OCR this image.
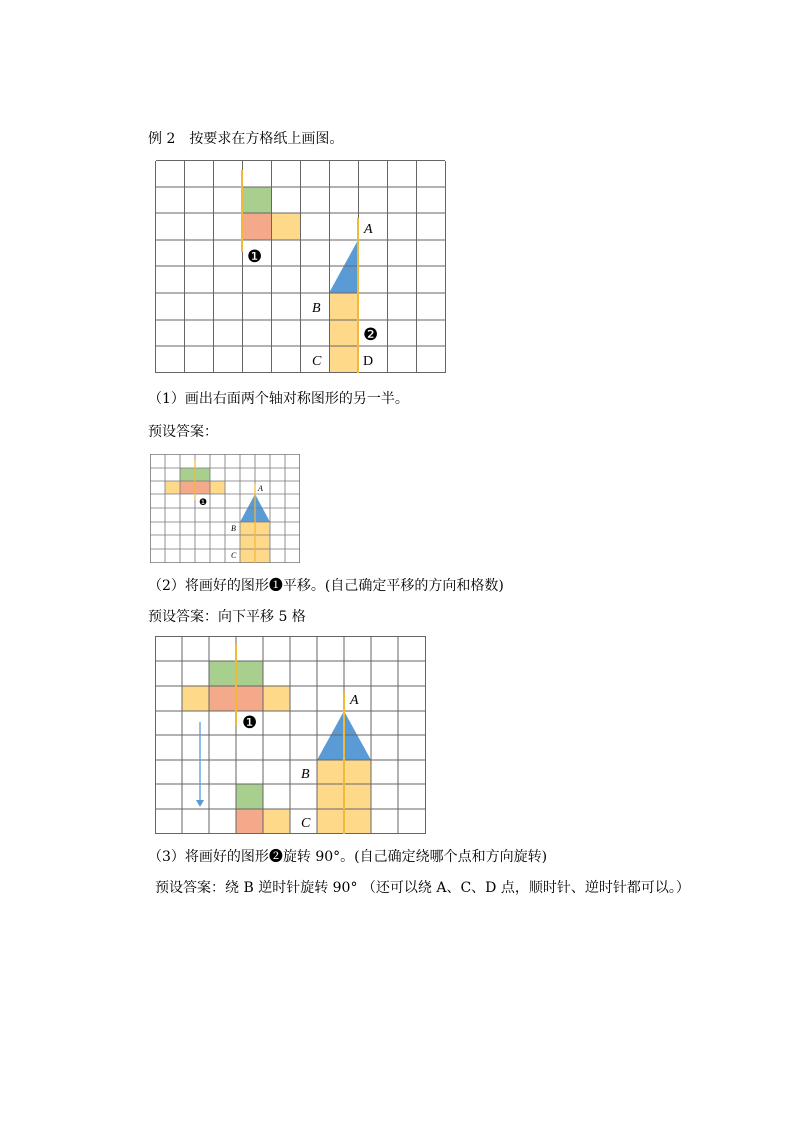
例 2　按要求在方格纸上画图。
A
B
C	D
❶
❷
（1）画出右面两个轴对称图形的另一半。
预设答案：
A
B
C
❶
（2）将画好的图形❶平移。(自己确定平移的方向和格数)
预设答案：向下平移 5 格
A
B
C
❶
（3）将画好的图形❷旋转 90°。(自己确定绕哪个点和方向旋转)
预设答案：绕 B 逆时针旋转 90° （还可以绕 A、C、D 点，顺时针、逆时针都可以。）
